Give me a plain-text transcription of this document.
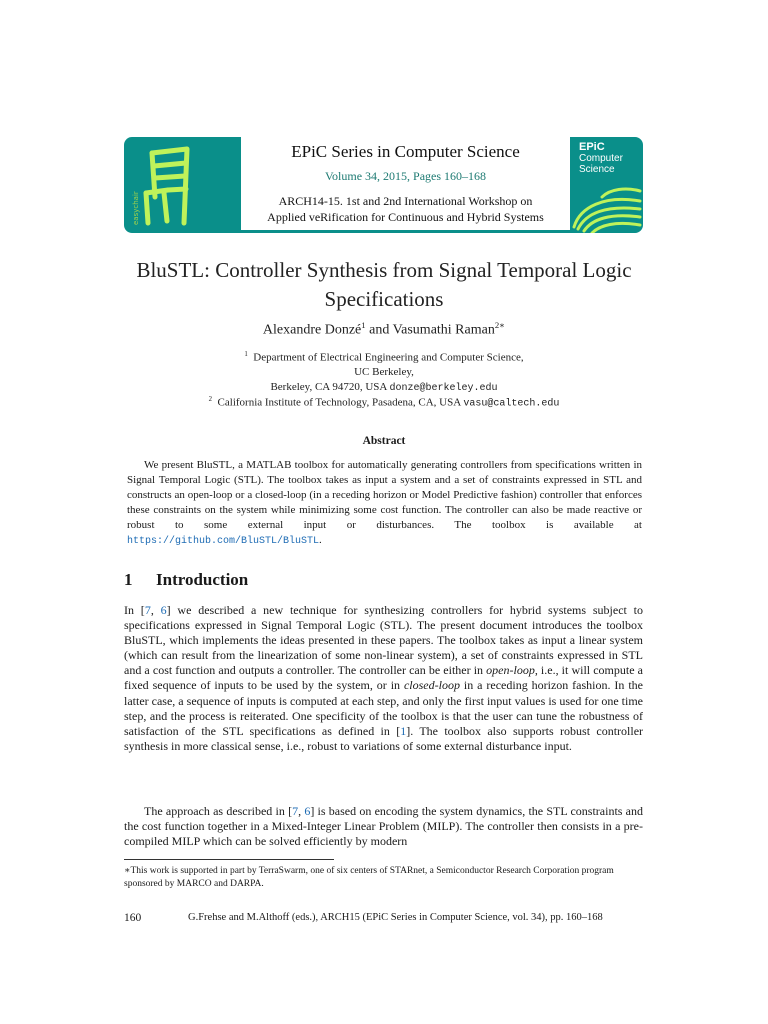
easychair
EPiC Series in Computer Science
Volume 34, 2015, Pages 160–168
ARCH14-15. 1st and 2nd International Workshop on
Applied veRification for Continuous and Hybrid Systems
EPiC
Computer
Science
BluSTL: Controller Synthesis from Signal Temporal Logic
Specifications
Alexandre Donzé$^1$ and Vasumathi Raman$^{2∗}$
$^1$ Department of Electrical Engineering and Computer Science,
UC Berkeley,
Berkeley, CA 94720, USA donze@berkeley.edu
$^2$ California Institute of Technology, Pasadena, CA, USA vasu@caltech.edu
Abstract

We present BluSTL, a MATLAB toolbox for automatically generating controllers from specifications written in Signal Temporal Logic (STL). The toolbox takes as input a system and a set of constraints expressed in STL and constructs an open-loop or a closed-loop (in a receding horizon or Model Predictive fashion) controller that enforces these constraints on the system while minimizing some cost function. The controller can also be made reactive or robust to some external input or disturbances. The toolbox is available at https://github.com/BluSTL/BluSTL.

1 Introduction

In [7, 6] we described a new technique for synthesizing controllers for hybrid systems subject to specifications expressed in Signal Temporal Logic (STL). The present document introduces the toolbox BluSTL, which implements the ideas presented in these papers. The toolbox takes as input a linear system (which can result from the linearization of some non-linear system), a set of constraints expressed in STL and a cost function and outputs a controller. The controller can be either in open-loop, i.e., it will compute a fixed sequence of inputs to be used by the system, or in closed-loop in a receding horizon fashion. In the latter case, a sequence of inputs is computed at each step, and only the first input values is used for one time step, and the process is reiterated. One specificity of the toolbox is that the user can tune the robustness of satisfaction of the STL specifications as defined in [1]. The toolbox also supports robust controller synthesis in more classical sense, i.e., robust to variations of some external disturbance input.

The approach as described in [7, 6] is based on encoding the system dynamics, the STL constraints and the cost function together in a Mixed-Integer Linear Problem (MILP). The controller then consists in a pre-compiled MILP which can be solved efficiently by modern

∗This work is supported in part by TerraSwarm, one of six centers of STARnet, a Semiconductor Research Corporation program sponsored by MARCO and DARPA.
160	G.Frehse and M.Althoff (eds.), ARCH15 (EPiC Series in Computer Science, vol. 34), pp. 160–168
